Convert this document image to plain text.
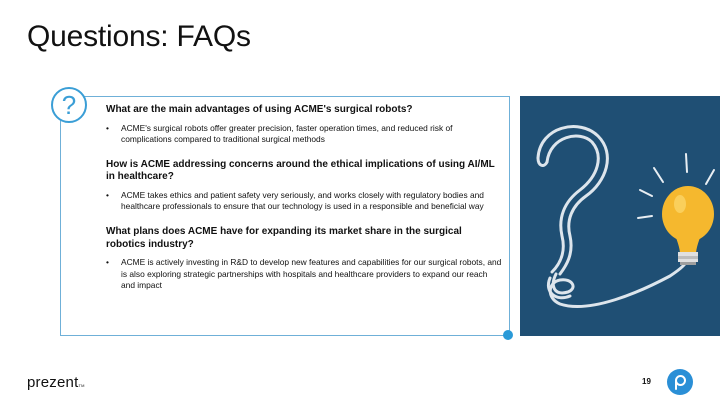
Questions: FAQs
?	What are the main advantages of using ACME's surgical robots?

• ACME's surgical robots offer greater precision, faster operation times, and reduced risk of complications compared to traditional surgical methods

How is ACME addressing concerns around the ethical implications of using AI/ML in healthcare?

• ACME takes ethics and patient safety very seriously, and works closely with regulatory bodies and healthcare professionals to ensure that our technology is used in a responsible and beneficial way

What plans does ACME have for expanding its market share in the surgical robotics industry?

• ACME is actively investing in R&D to develop new features and capabilities for our surgical robots, and is also exploring strategic partnerships with hospitals and healthcare providers to expand our reach and impact

prezentTM	19
